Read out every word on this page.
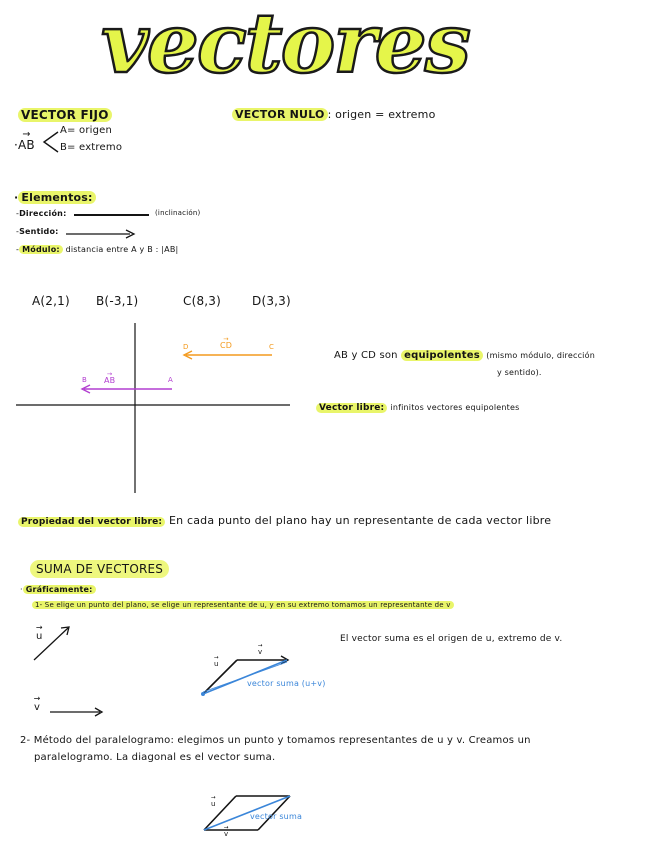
vectores
VECTOR FIJO
·→ AB
A= origen
B= extremo
VECTOR NULO : origen = extremo
· Elementos:
-Dirección:	(inclinación)
-Sentido:
- Módulo: distancia entre A y B : |AB|
A(2,1) B(-3,1)	C(8,3)	D(3,3)
D	C
→ CD
B	A
→ AB
AB y CD son equipolentes (mismo módulo, dirección
y sentido).
Vector libre: infinitos vectores equipolentes
Propiedad del vector libre: En cada punto del plano hay un representante de cada vector libre
SUMA DE VECTORES
· Gráficamente:
1- Se elige un punto del plano, se elige un representante de u, y en su extremo tomamos un representante de v
→ u
→ v
El vector suma es el origen de u, extremo de v.
→ u
→ v
vector suma (u+v)
2- Método del paralelogramo: elegimos un punto y tomamos representantes de u y v. Creamos un
paralelogramo. La diagonal es el vector suma.
→ u
→ v
vector suma
